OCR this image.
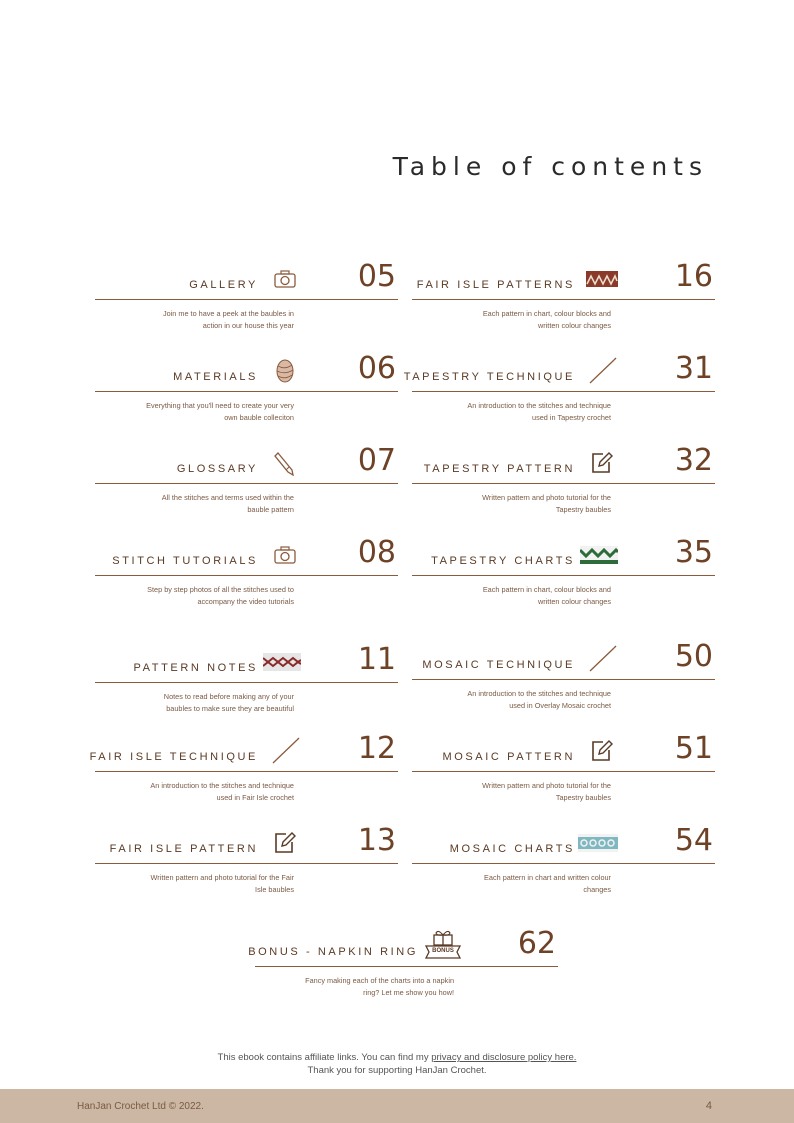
Table of contents
GALLERY	05
Join me to have a peek at the baubles in
action in our house this year
MATERIALS	06
Everything that you'll need to create your very
own bauble colleciton
GLOSSARY	07
All the stitches and terms used within the
bauble pattern
STITCH TUTORIALS	08
Step by step photos of all the stitches used to
accompany the video tutorials
PATTERN NOTES	11
Notes to read before making any of your
baubles to make sure they are beautiful
FAIR ISLE TECHNIQUE	12
An introduction to the stitches and technique
used in Fair Isle crochet
FAIR ISLE PATTERN	13
Written pattern and photo tutorial for the Fair
Isle baubles
FAIR ISLE PATTERNS	16
Each pattern in chart, colour blocks and
written colour changes
TAPESTRY TECHNIQUE	31
An introduction to the stitches and technique
used in Tapestry crochet
TAPESTRY PATTERN	32
Written pattern and photo tutorial for the
Tapestry baubles
TAPESTRY CHARTS	35
Each pattern in chart, colour blocks and
written colour changes
MOSAIC TECHNIQUE	50
An introduction to the stitches and technique
used in Overlay Mosaic crochet
MOSAIC PATTERN	51
Written pattern and photo tutorial for the
Tapestry baubles
MOSAIC CHARTS	54
Each pattern in chart and written colour
changes
BONUS - NAPKIN RING	BONUS 62
Fancy making each of the charts into a napkin
ring? Let me show you how!
This ebook contains affiliate links. You can find my privacy and disclosure policy here.
Thank you for supporting HanJan Crochet.
HanJan Crochet Ltd © 2022.	4
